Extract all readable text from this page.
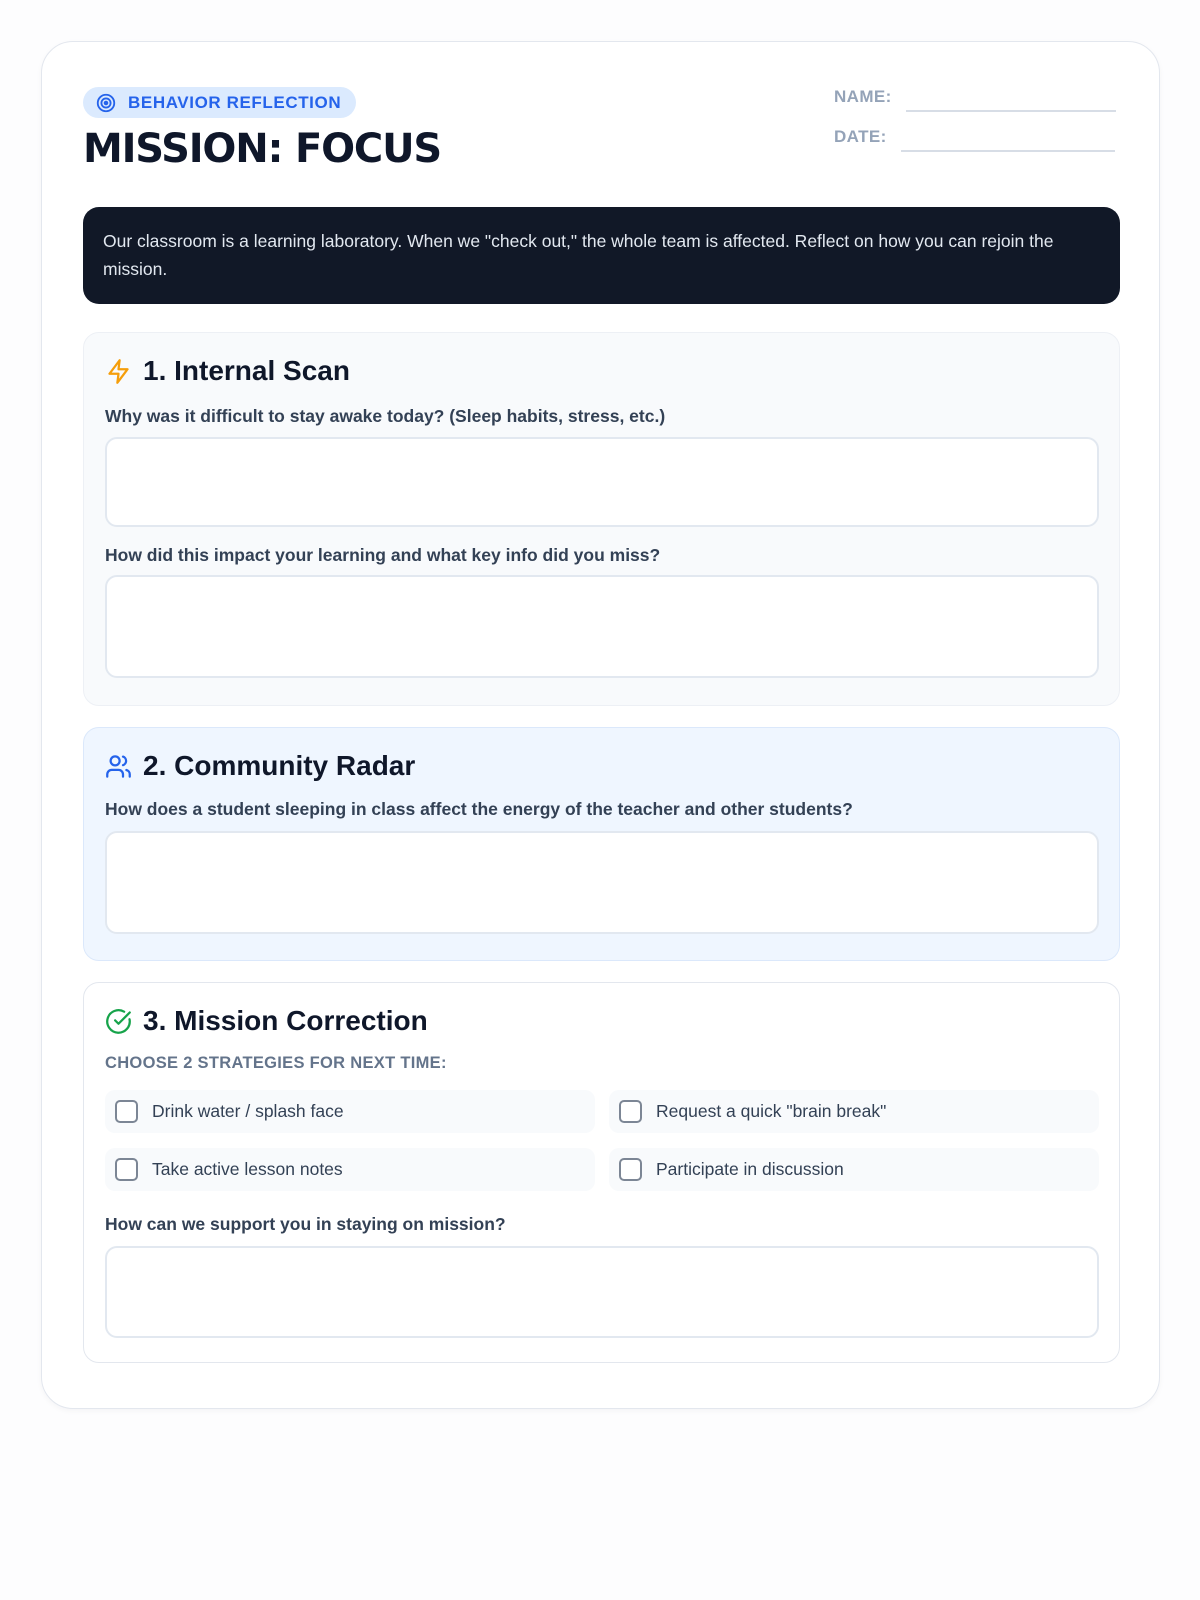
BEHAVIOR REFLECTION
MISSION: FOCUS
NAME:
DATE:

Our classroom is a learning laboratory. When we "check out," the whole team is affected. Reflect on how you can rejoin the mission.

1. Internal Scan
Why was it difficult to stay awake today? (Sleep habits, stress, etc.)
How did this impact your learning and what key info did you miss?
2. Community Radar
How does a student sleeping in class affect the energy of the teacher and other students?
3. Mission Correction
CHOOSE 2 STRATEGIES FOR NEXT TIME:
Drink water / splash face	Request a quick "brain break"
Take active lesson notes	Participate in discussion
How can we support you in staying on mission?
